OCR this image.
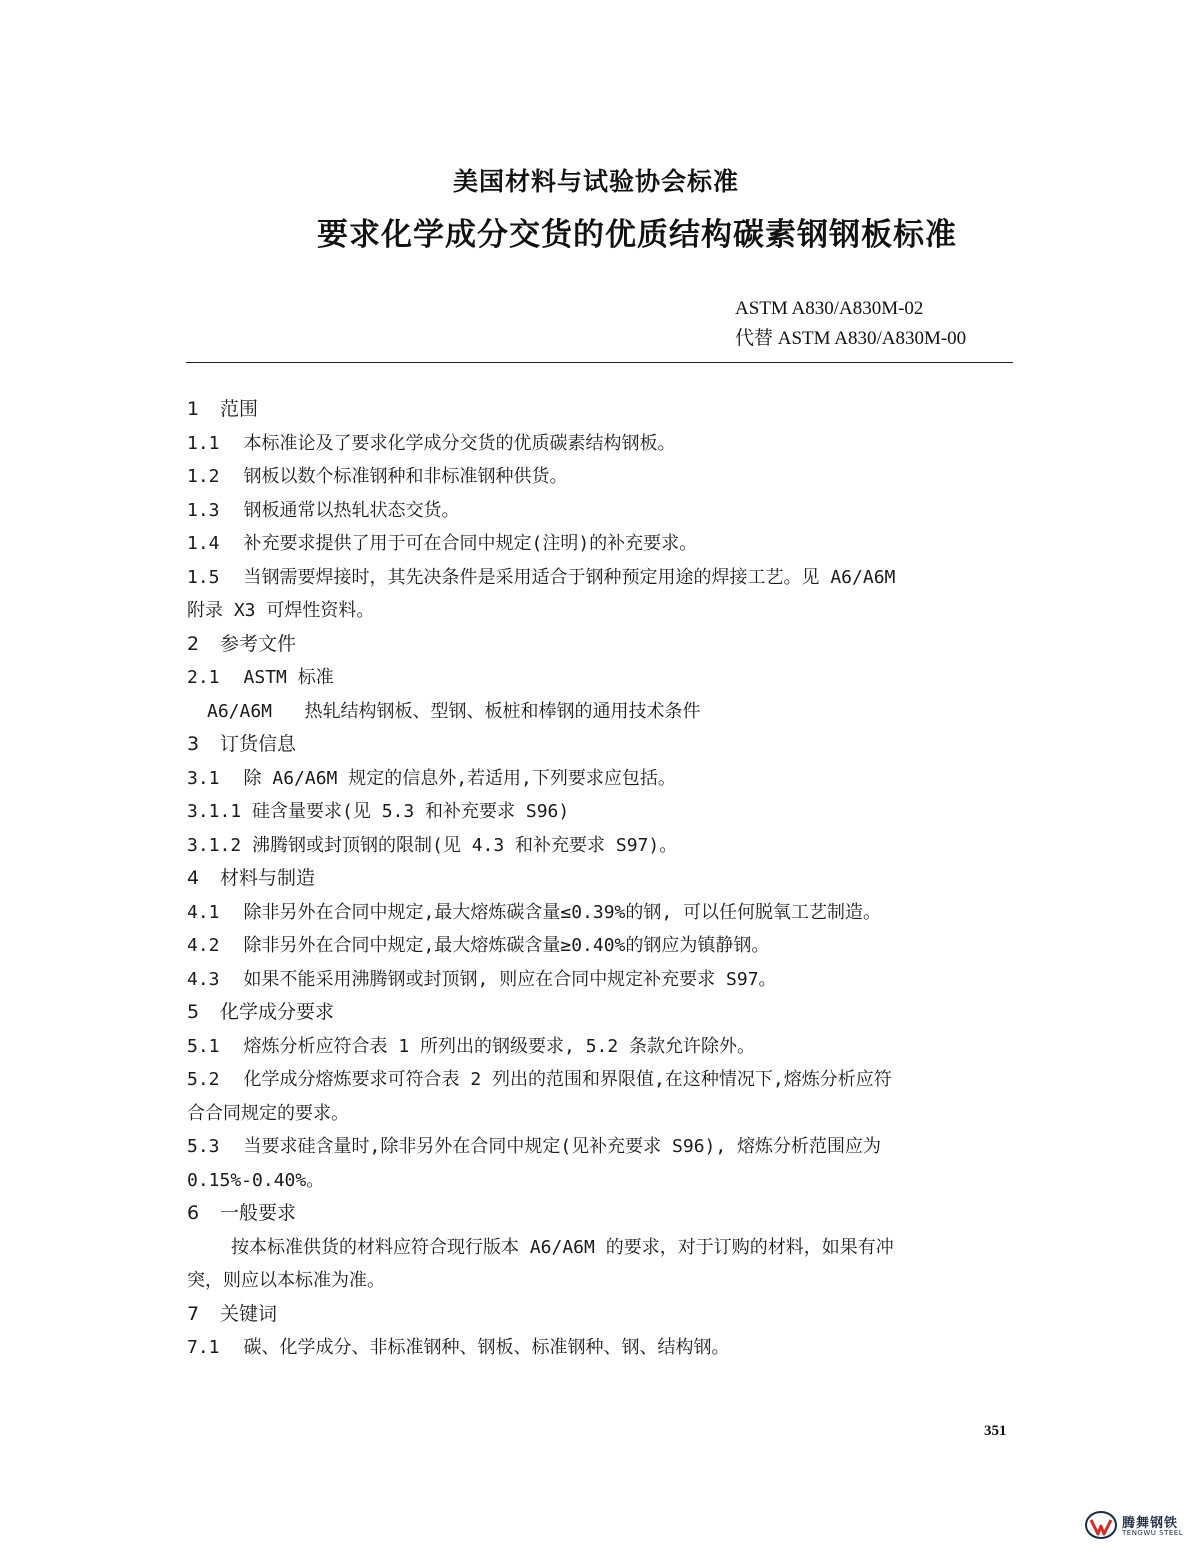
美国材料与试验协会标准
要求化学成分交货的优质结构碳素钢钢板标准
ASTM A830/A830M-02
代替 ASTM A830/A830M-00

1 范围

1.1 本标准论及了要求化学成分交货的优质碳素结构钢板。

1.2 钢板以数个标准钢种和非标准钢种供货。

1.3 钢板通常以热轧状态交货。

1.4 补充要求提供了用于可在合同中规定(注明)的补充要求。

1.5 当钢需要焊接时，其先决条件是采用适合于钢种预定用途的焊接工艺。见 A6/A6M

附录 X3 可焊性资料。

2 参考文件

2.1 ASTM 标准

A6/A6M 热轧结构钢板、型钢、板桩和棒钢的通用技术条件

3 订货信息

3.1 除 A6/A6M 规定的信息外,若适用,下列要求应包括。

3.1.1 硅含量要求(见 5.3 和补充要求 S96)

3.1.2 沸腾钢或封顶钢的限制(见 4.3 和补充要求 S97)。

4 材料与制造

4.1 除非另外在合同中规定,最大熔炼碳含量≤0.39%的钢, 可以任何脱氧工艺制造。

4.2 除非另外在合同中规定,最大熔炼碳含量≥0.40%的钢应为镇静钢。

4.3 如果不能采用沸腾钢或封顶钢, 则应在合同中规定补充要求 S97。

5 化学成分要求

5.1 熔炼分析应符合表 1 所列出的钢级要求, 5.2 条款允许除外。

5.2 化学成分熔炼要求可符合表 2 列出的范围和界限值,在这种情况下,熔炼分析应符

合合同规定的要求。

5.3 当要求硅含量时,除非另外在合同中规定(见补充要求 S96), 熔炼分析范围应为

0.15%-0.40%。

6 一般要求

按本标准供货的材料应符合现行版本 A6/A6M 的要求，对于订购的材料，如果有冲

突，则应以本标准为准。

7 关键词

7.1 碳、化学成分、非标准钢种、钢板、标准钢种、钢、结构钢。

351
腾舞钢铁
TENGWU STEEL
